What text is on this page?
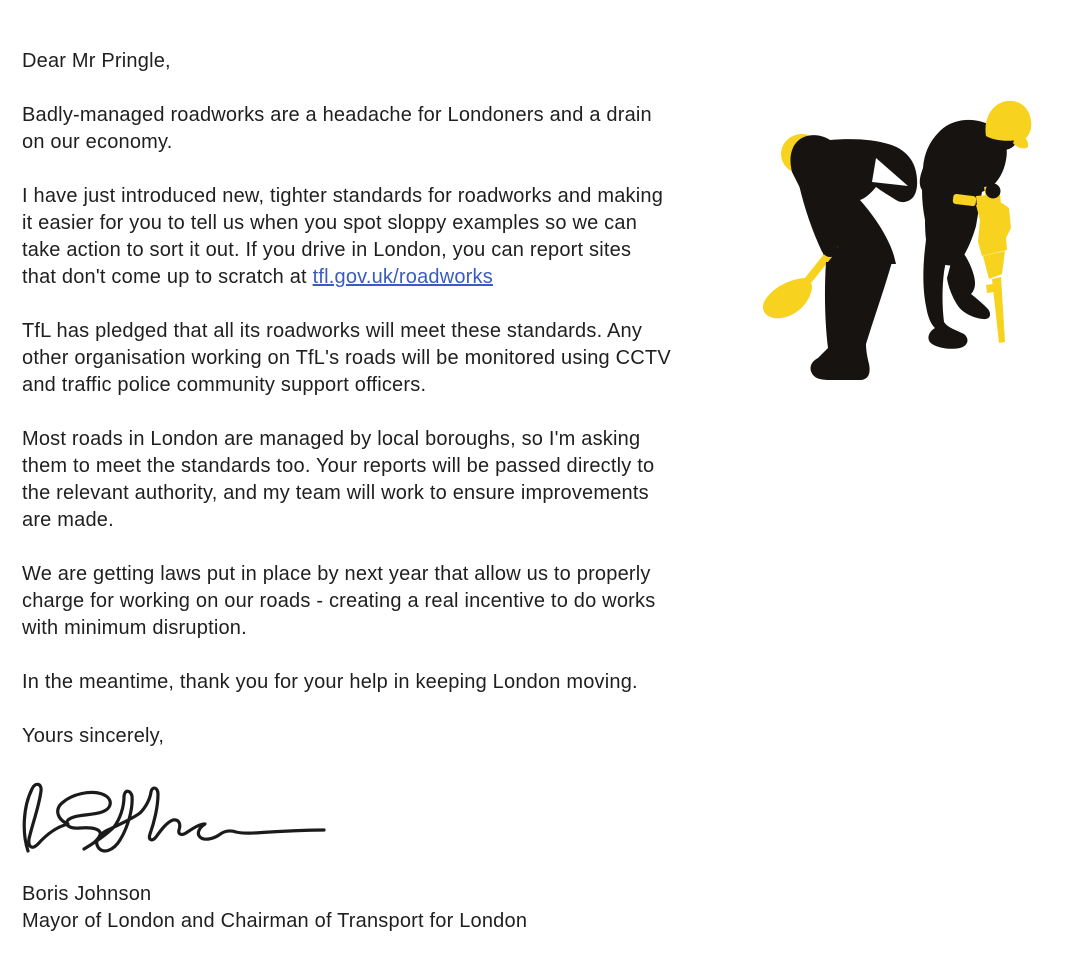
Dear Mr Pringle,
Badly-managed roadworks are a headache for Londoners and a drain
on our economy.
I have just introduced new, tighter standards for roadworks and making
it easier for you to tell us when you spot sloppy examples so we can
take action to sort it out. If you drive in London, you can report sites
that don't come up to scratch at tfl.gov.uk/roadworks
TfL has pledged that all its roadworks will meet these standards. Any
other organisation working on TfL's roads will be monitored using CCTV
and traffic police community support officers.
Most roads in London are managed by local boroughs, so I'm asking
them to meet the standards too. Your reports will be passed directly to
the relevant authority, and my team will work to ensure improvements
are made.
We are getting laws put in place by next year that allow us to properly
charge for working on our roads - creating a real incentive to do works
with minimum disruption.
In the meantime, thank you for your help in keeping London moving.
Yours sincerely,
Boris Johnson
Mayor of London and Chairman of Transport for London
